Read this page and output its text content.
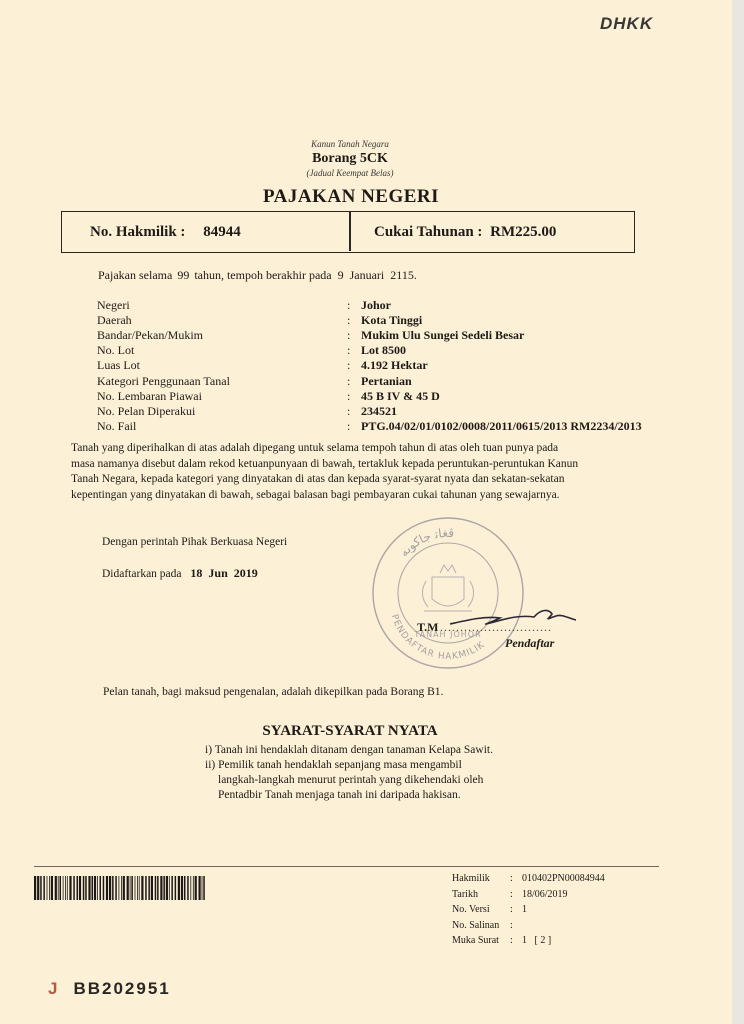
DHKK
Kanun Tanah Negara
Borang 5CK
(Jadual Keempat Belas)
PAJAKAN NEGERI
No. Hakmilik : 84944	Cukai Tahunan : RM225.00
Pajakan selama 99 tahun, tempoh berakhir pada 9 Januari 2115.
Negeri	: Johor
Daerah	: Kota Tinggi
Bandar/Pekan/Mukim	: Mukim Ulu Sungei Sedeli Besar
No. Lot	: Lot 8500
Luas Lot	: 4.192 Hektar
Kategori Penggunaan Tanal	: Pertanian
No. Lembaran Piawai	: 45 B IV & 45 D
No. Pelan Diperakui	: 234521
No. Fail	: PTG.04/02/01/0102/0008/2011/0615/2013 RM2234/2013
Tanah yang diperihalkan di atas adalah dipegang untuk selama tempoh tahun di atas oleh tuan punya pada
masa namanya disebut dalam rekod ketuanpunyaan di bawah, tertakluk kepada peruntukan-peruntukan Kanun
Tanah Negara, kepada kategori yang dinyatakan di atas dan kepada syarat-syarat nyata dan sekatan-sekatan
kepentingan yang dinyatakan di bawah, sebagai balasan bagi pembayaran cukai tahunan yang sewajarnya.
Dengan perintah Pihak Berkuasa Negeri
Didaftarkan pada 18  Jun  2019
ﭬﻐﺎﺗ ﺟﺎﮐﻮبه
PENDAFTAR HAKMILIK
TANAH JOHOR
T.M ............................
Pendaftar
Pelan tanah, bagi maksud pengenalan, adalah dikepilkan pada Borang B1.
SYARAT-SYARAT NYATA
i) Tanah ini hendaklah ditanam dengan tanaman Kelapa Sawit.
ii) Pemilik tanah hendaklah sepanjang masa mengambil
langkah-langkah menurut perintah yang dikehendaki oleh
Pentadbir Tanah menjaga tanah ini daripada hakisan.
Hakmilik : 010402PN00084944
Tarikh	: 18/06/2019
No. Versi : 1
No. Salinan :
Muka Surat : 1   [ 2 ]
J BB202951
